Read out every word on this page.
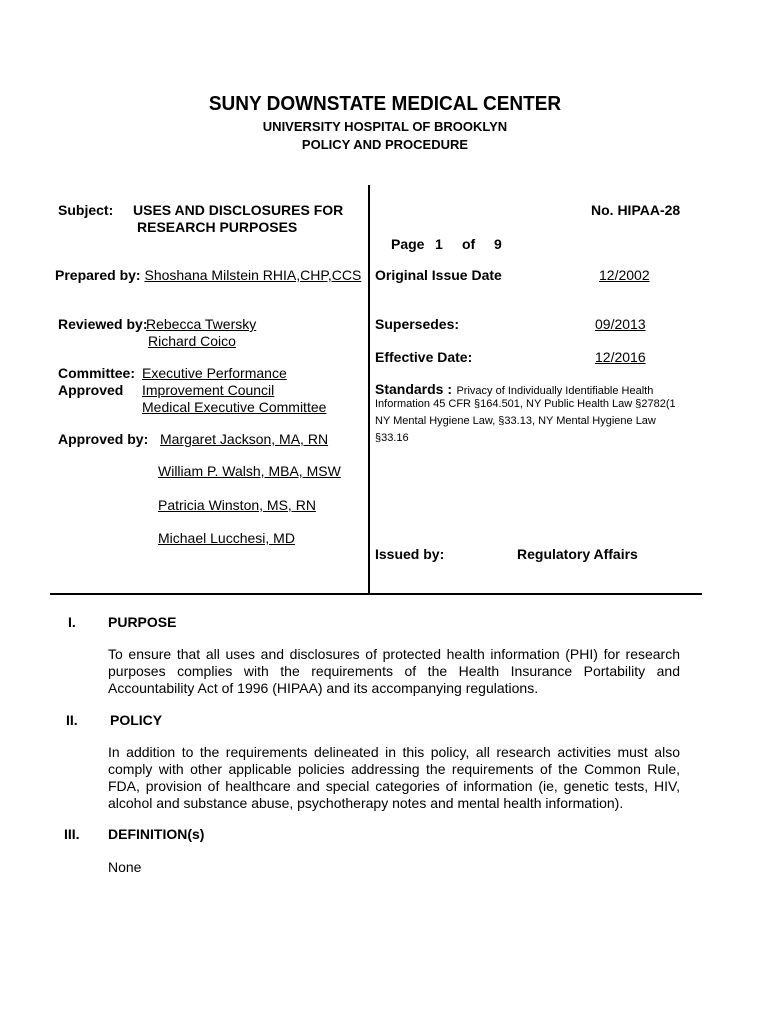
SUNY DOWNSTATE MEDICAL CENTER
UNIVERSITY HOSPITAL OF BROOKLYN
POLICY AND PROCEDURE
Subject: USES AND DISCLOSURES FOR
RESEARCH PURPOSES
Prepared by: Shoshana Milstein RHIA,CHP,CCS
Reviewed by:
Rebecca Twersky
Richard Coico
Committee:
Approved
Executive Performance
Improvement Council
Medical Executive Committee
Approved by: Margaret Jackson, MA, RN
William P. Walsh, MBA, MSW
Patricia Winston, MS, RN
Michael Lucchesi, MD
No. HIPAA-28
Page 1 of 9
Original Issue Date	12/2002
Supersedes:	09/2013
Effective Date:	12/2016
Standards : Privacy of Individually Identifiable Health
Information 45 CFR §164.501, NY Public Health Law §2782(1
NY Mental Hygiene Law, §33.13, NY Mental Hygiene Law
§33.16
Issued by:	Regulatory Affairs
I. PURPOSE
To ensure that all uses and disclosures of protected health information (PHI) for research purposes complies with the requirements of the Health Insurance Portability and Accountability Act of 1996 (HIPAA) and its accompanying regulations.
II. POLICY
In addition to the requirements delineated in this policy, all research activities must also comply with other applicable policies addressing the requirements of the Common Rule, FDA, provision of healthcare and special categories of information (ie, genetic tests, HIV, alcohol and substance abuse, psychotherapy notes and mental health information).
III. DEFINITION(s)
None
